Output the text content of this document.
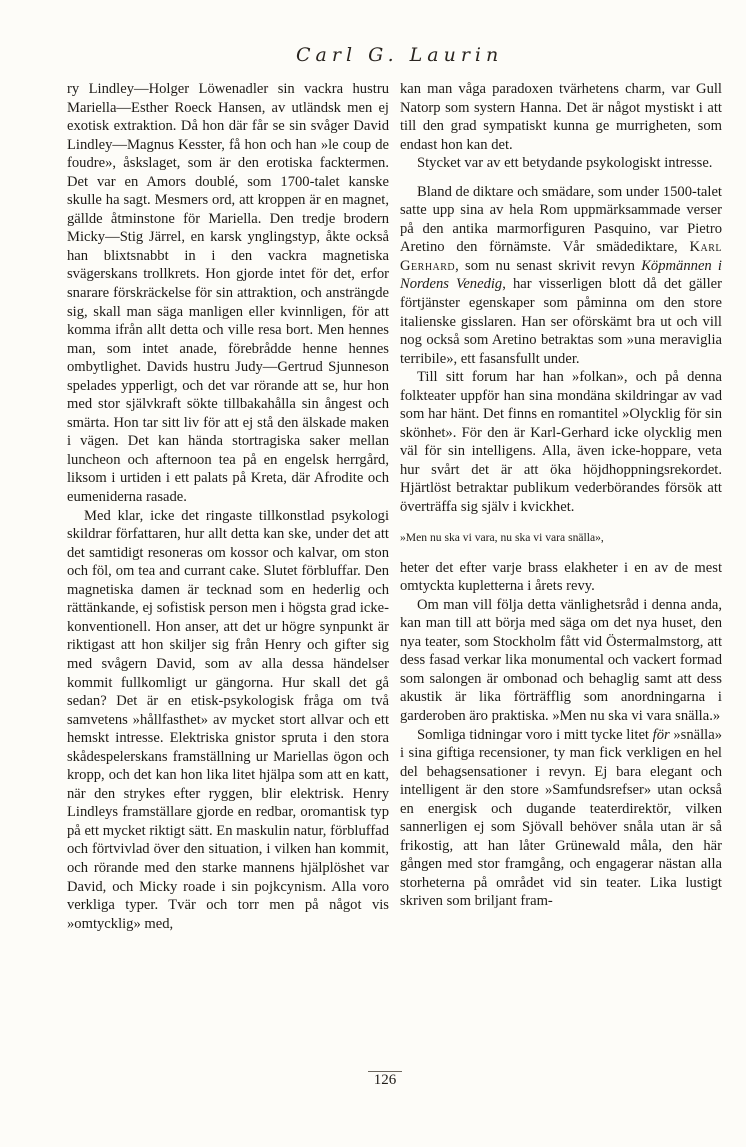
Carl G. Laurin

ry Lindley—Holger Löwenadler sin vackra hustru Mariella—Esther Roeck Hansen, av utländsk men ej exotisk extraktion. Då hon där får se sin svåger David Lindley—Magnus Kesster, få hon och han »le coup de foudre», åskslaget, som är den erotiska facktermen. Det var en Amors doublé, som 1700-talet kanske skulle ha sagt. Mesmers ord, att kroppen är en magnet, gällde åtminstone för Mariella. Den tredje brodern Micky—Stig Järrel, en karsk ynglingstyp, åkte också han blixtsnabbt in i den vackra magnetiska svägerskans trollkrets. Hon gjorde intet för det, erfor snarare förskräckelse för sin attraktion, och ansträngde sig, skall man säga manligen eller kvinnligen, för att komma ifrån allt detta och ville resa bort. Men hennes man, som intet anade, förebrådde henne hennes ombytlighet. Davids hustru Judy—Gertrud Sjunneson spelades ypperligt, och det var rörande att se, hur hon med stor självkraft sökte tillbakahålla sin ångest och smärta. Hon tar sitt liv för att ej stå den älskade maken i vägen. Det kan hända stortragiska saker mellan luncheon och afternoon tea på en engelsk herrgård, liksom i urtiden i ett palats på Kreta, där Afrodite och eumeniderna rasade.

Med klar, icke det ringaste tillkonstlad psykologi skildrar författaren, hur allt detta kan ske, under det att det samtidigt resoneras om kossor och kalvar, om ston och föl, om tea and currant cake. Slutet förbluffar. Den magnetiska damen är tecknad som en hederlig och rättänkande, ej sofistisk person men i högsta grad icke-konventionell. Hon anser, att det ur högre synpunkt är riktigast att hon skiljer sig från Henry och gifter sig med svågern David, som av alla dessa händelser kommit fullkomligt ur gängorna. Hur skall det gå sedan? Det är en etisk-psykologisk fråga om två samvetens »hållfasthet» av mycket stort allvar och ett hemskt intresse. Elektriska gnistor spruta i den stora skådespelerskans framställning ur Mariellas ögon och kropp, och det kan hon lika litet hjälpa som att en katt, när den strykes efter ryggen, blir elektrisk. Henry Lindleys framställare gjorde en redbar, oromantisk typ på ett mycket riktigt sätt. En maskulin natur, förbluffad och förtvivlad över den situation, i vilken han kommit, och rörande med den starke mannens hjälplöshet var David, och Micky roade i sin pojkcynism. Alla voro verkliga typer. Tvär och torr men på något vis »omtycklig» med,

kan man våga paradoxen tvärhetens charm, var Gull Natorp som systern Hanna. Det är något mystiskt i att till den grad sympatiskt kunna ge murrigheten, som endast hon kan det.

Stycket var av ett betydande psykologiskt intresse.

Bland de diktare och smädare, som under 1500-talet satte upp sina av hela Rom uppmärksammade verser på den antika marmorfiguren Pasquino, var Pietro Aretino den förnämste. Vår smädediktare, Karl Gerhard, som nu senast skrivit revyn Köpmännen i Nordens Venedig, har visserligen blott då det gäller förtjänster egenskaper som påminna om den store italienske gisslaren. Han ser oförskämt bra ut och vill nog också som Aretino betraktas som »una meraviglia terribile», ett fasansfullt under.

Till sitt forum har han »folkan», och på denna folkteater uppför han sina mondäna skildringar av vad som har hänt. Det finns en romantitel »Olycklig för sin skönhet». För den är Karl-Gerhard icke olycklig men väl för sin intelligens. Alla, även icke-hoppare, veta hur svårt det är att öka höjdhoppningsrekordet. Hjärtlöst betraktar publikum vederbörandes försök att överträffa sig själv i kvickhet.

»Men nu ska vi vara, nu ska vi vara snälla»,

heter det efter varje brass elakheter i en av de mest omtyckta kupletterna i årets revy.

Om man vill följa detta vänlighetsråd i denna anda, kan man till att börja med säga om det nya huset, den nya teater, som Stockholm fått vid Östermalmstorg, att dess fasad verkar lika monumental och vackert formad som salongen är ombonad och behaglig samt att dess akustik är lika förträfflig som anordningarna i garderoben äro praktiska. »Men nu ska vi vara snälla.»

Somliga tidningar voro i mitt tycke litet för »snälla» i sina giftiga recensioner, ty man fick verkligen en hel del behagsensationer i revyn. Ej bara elegant och intelligent är den store »Samfundsrefser» utan också en energisk och dugande teaterdirektör, vilken sannerligen ej som Sjövall behöver snåla utan är så frikostig, att han låter Grünewald måla, den här gången med stor framgång, och engagerar nästan alla storheterna på området vid sin teater. Lika lustigt skriven som briljant fram-

126
